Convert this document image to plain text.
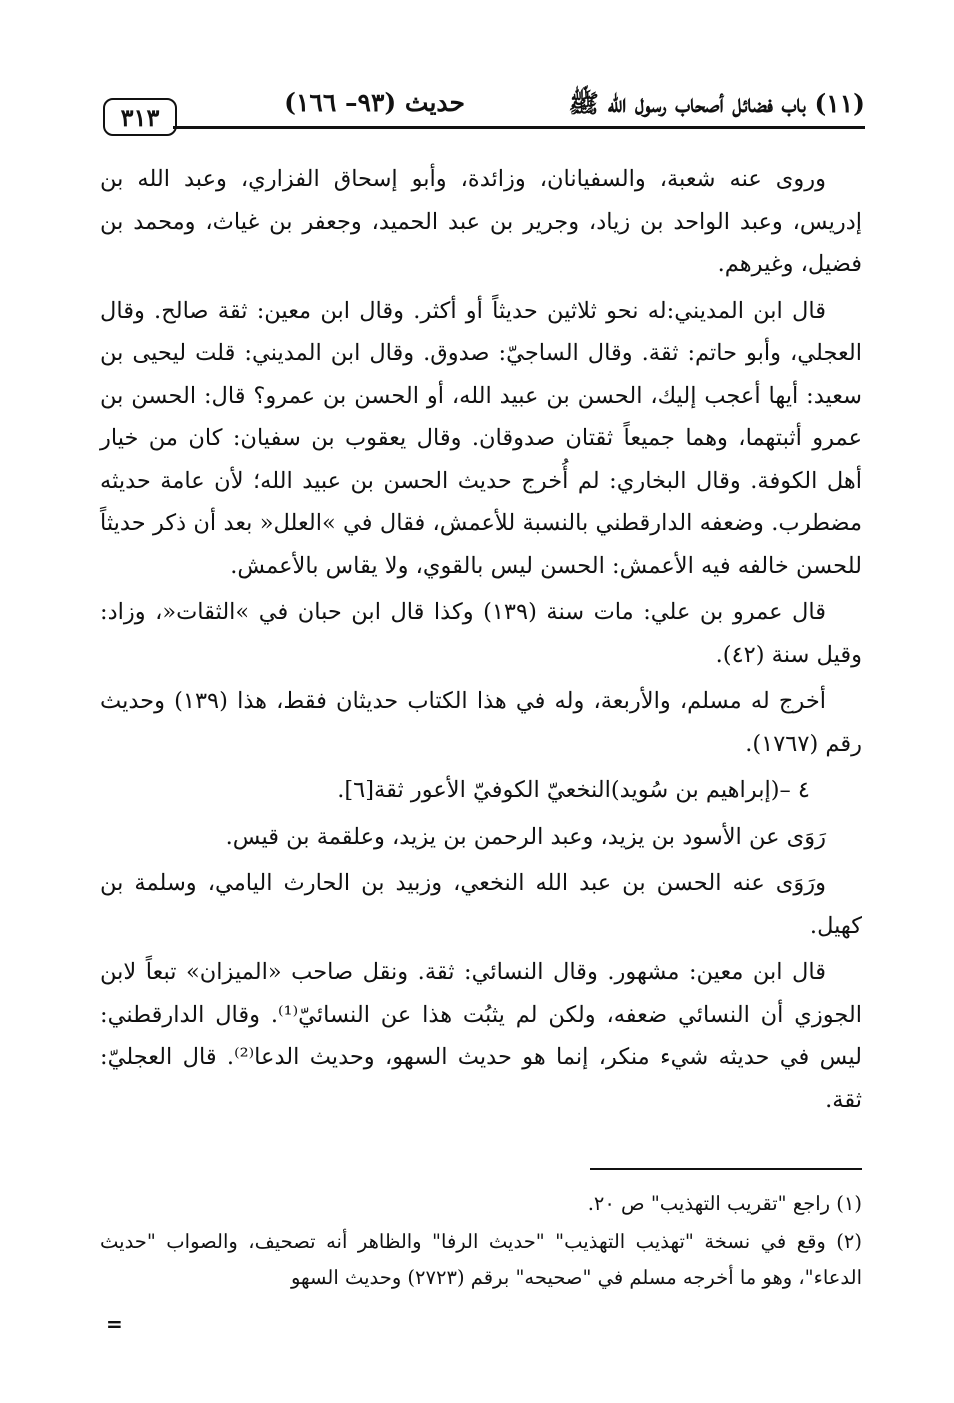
(١١) باب فضائل أصحاب رسول الله ﷺ
حديث (٩٣– ١٦٦)
٣١٣

وروى عنه شعبة، والسفيانان، وزائدة، وأبو إسحاق الفزاري، وعبد الله بن إدريس، وعبد الواحد بن زياد، وجرير بن عبد الحميد، وجعفر بن غياث، ومحمد بن فضيل، وغيرهم.

قال ابن المديني:له نحو ثلاثين حديثاً أو أكثر. وقال ابن معين: ثقة صالح. وقال العجلي، وأبو حاتم: ثقة. وقال الساجيّ: صدوق. وقال ابن المديني: قلت ليحيى بن سعيد: أيها أعجب إليك، الحسن بن عبيد الله، أو الحسن بن عمرو؟ قال: الحسن بن عمرو أثبتهما، وهما جميعاً ثقتان صدوقان. وقال يعقوب بن سفيان: كان من خيار أهل الكوفة. وقال البخاري: لم أُخرج حديث الحسن بن عبيد الله؛ لأن عامة حديثه مضطرب. وضعفه الدارقطني بالنسبة للأعمش، فقال في »العلل« بعد أن ذكر حديثاً للحسن خالفه فيه الأعمش: الحسن ليس بالقوي، ولا يقاس بالأعمش.

قال عمرو بن علي: مات سنة (١٣٩) وكذا قال ابن حبان في »الثقات«، وزاد: وقيل سنة (٤٢).

أخرج له مسلم، والأربعة، وله في هذا الكتاب حديثان فقط، هذا (١٣٩) وحديث رقم (١٧٦٧).

٤ –(إبراهيم بن سُويد)النخعيّ الكوفيّ الأعور ثقة[٦].

رَوَى عن الأسود بن يزيد، وعبد الرحمن بن يزيد، وعلقمة بن قيس.

ورَوَى عنه الحسن بن عبد الله النخعي، وزبيد بن الحارث اليامي، وسلمة بن كهيل.

قال ابن معين: مشهور. وقال النسائي: ثقة. ونقل صاحب «الميزان» تبعاً لابن الجوزي أن النسائي ضعفه، ولكن لم يثبُت هذا عن النسائيّ⁽¹⁾. وقال الدارقطني: ليس في حديثه شيء منكر، إنما هو حديث السهو، وحديث الدعا⁽²⁾. قال العجليّ: ثقة.

(١) راجع "تقريب التهذيب" ص ٢٠.

(٢) وقع في نسخة "تهذيب التهذيب" "حديث الرفا" والظاهر أنه تصحيف، والصواب "حديث الدعاء"، وهو ما أخرجه مسلم في "صحيحه" برقم (٢٧٢٣) وحديث السهو

=
